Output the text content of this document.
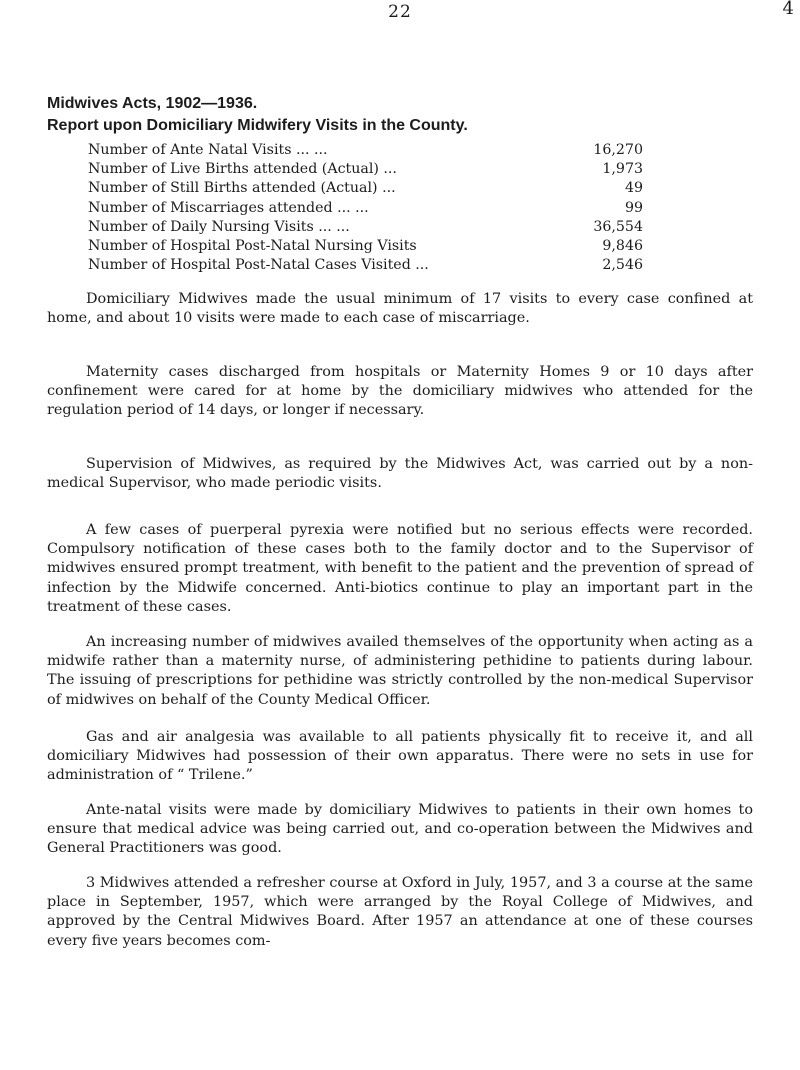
22	4
Midwives Acts, 1902—1936.
Report upon Domiciliary Midwifery Visits in the County.
Number of Ante Natal Visits ... ...	16,270
Number of Live Births attended (Actual) ...	1,973
Number of Still Births attended (Actual) ...	49
Number of Miscarriages attended ... ...	99
Number of Daily Nursing Visits ... ...	36,554
Number of Hospital Post-Natal Nursing Visits	9,846
Number of Hospital Post-Natal Cases Visited ...	2,546

Domiciliary Midwives made the usual minimum of 17 visits to every case confined at home, and about 10 visits were made to each case of miscarriage.

Maternity cases discharged from hospitals or Maternity Homes 9 or 10 days after confinement were cared for at home by the domiciliary midwives who attended for the regulation period of 14 days, or longer if necessary.

Supervision of Midwives, as required by the Midwives Act, was carried out by a non-medical Supervisor, who made periodic visits.

A few cases of puerperal pyrexia were notified but no serious effects were recorded. Compulsory notification of these cases both to the family doctor and to the Supervisor of midwives ensured prompt treatment, with benefit to the patient and the prevention of spread of infection by the Midwife concerned. Anti-biotics continue to play an important part in the treatment of these cases.

An increasing number of midwives availed themselves of the opportunity when acting as a midwife rather than a maternity nurse, of administering pethidine to patients during labour. The issuing of prescriptions for pethidine was strictly controlled by the non-medical Supervisor of midwives on behalf of the County Medical Officer.

Gas and air analgesia was available to all patients physically fit to receive it, and all domiciliary Midwives had possession of their own apparatus. There were no sets in use for administration of “ Trilene.”

Ante-natal visits were made by domiciliary Midwives to patients in their own homes to ensure that medical advice was being carried out, and co-operation between the Midwives and General Practitioners was good.

3 Midwives attended a refresher course at Oxford in July, 1957, and 3 a course at the same place in September, 1957, which were arranged by the Royal College of Midwives, and approved by the Central Midwives Board. After 1957 an attendance at one of these courses every five years becomes com-
